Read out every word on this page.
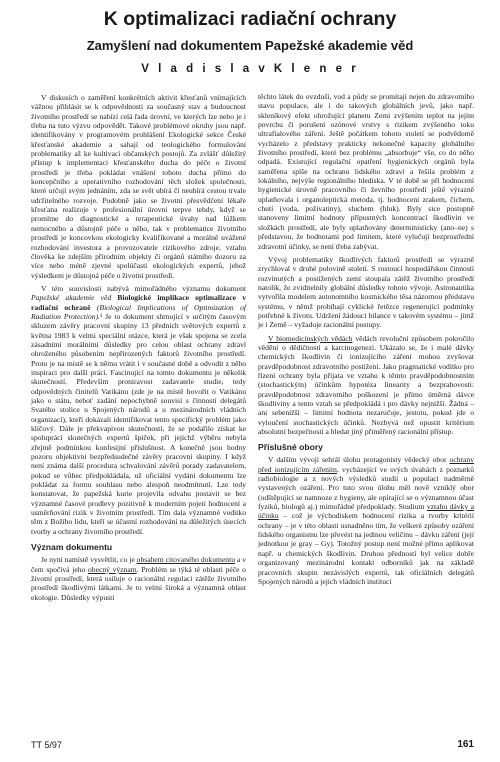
K optimalizaci radiační ochrany
Zamyšlení nad dokumentem Papežské akademie věd
V l a d i s l a v K l e n e r

V diskusích o zaměření konkrétních aktivit křesťanů vnímajících vážnou přihlásit se k odpovědnosti za současný stav a budoucnost životního prostředí se nabízí celá řada úrovní, ve kterých lze nebo je i třeba na tuto výzvu odpovědět. Takové problémové okruhy jsou např. identifikovány v programovém prohlášení Ekologické sekce České křesťanské akademie a sahají od teologického formulování problematiky až ke kultivaci občanských postojů. Za zvlášť důležitý přístup k implementaci křesťanského ducha do péče o životní prostředí je třeba pokládat vnášení tohoto ducha přímo do koncepčního a operativního rozhodování těch složek společnosti, které určují svým jednáním, zda se svět ubírá či neubírá cestou trvale udržitelného rozvoje. Podobně jako se životní přesvědčení lékaře křesťana realizuje v profesionální úrovni terpve tehdy, když se promítne do diagnostické a terapeutické úvahy nad lůžkem nemocného a důstojně péče o něho, tak v problematice životního prostředí je koncovkou ekologicky kvalifikované a morálně uvážené rozhodování investora a provozovatele rizikového zdroje, vztahu člověka ke zdejším přírodním objekty či orgánů státního dozoru za více nebo méně zjevné spolúčasti ekologických expertů, jehož výsledkem je důstojná péče o životní prostředí.

V této souvislosti nabývá mimořádného významu dokument Papežské akademie věd Biologické implikace optimalizace v radiační ochraně (Biological Implications of Optimization of Radiation Protection).¹ Je to dokument shrnující v určitým časovým skluzem závěry pracovní skupiny 13 předních světových expertů z května 1983 k velmi speciální otázce, která je však spojena se zcela zásadními morálními důsledky pro celou oblast ochrany zdraví ohroženého působením nepřirozených faktorů životního prostředí. Proto je na místě se k němu vrátit i v současné době a odvodit z něho inspiraci pro další práci. Fascinující na tomto dokumentu je několik skutečností. Především proniravost zadavatele studie, tedy odpovědných činitelů Vatikánu (zde je na místě hovořit o Vatikánu jako o státu, neboť zadání nepochybně souvisí s činností delegátů Svatého stolice u Spojených národů a u mezinárodních vládních organizací), kteří dokázali identifikovat tento specifický problém jako klíčový. Dále je překvapivou skutečností, že se podařilo získat ke spolupráci skutečných expertů špiček, při jejichž výběru nebyla zřejmě podmínkou konfesijní příslušnost. A konečně jsou hodny pozoru objektivní bezpředsudečné závěry pracovní skupiny. I když není známa další procedura schvalování závěrů porady zadavatelem, pokud se vůbec předpokládala, už oficiální vydání dokumentu lze pokládat za formu souhlasu nebo alespoň neodmítnutí. Lze tedy konstatovat, že papežská kurie projevila odvahu postavit se bez významné časové prodlevy pozitivně k moderním pojetí hodnocení a usměrňování rizik v životním prostředí. Tím dala významné voditko těm z Božího lidu, kteří se účastní rozhodování na důležitých úsecích tvorby a ochrany životního prostředí.

Význam dokumentu

Je nyní namístě vysvětlit, co je obsahem citovaného dokumentu a v čem spočívá jeho obecný význam. Problém se týká té oblasti péče o životní prostředí, která usiluje o racionální regulaci zátěže životního prostředí škodlivými látkami. Je to velmi široká a významná oblast ekologie. Důsledky výpustí

těchto látek do ovzduší, vod a půdy se promítají nejen do zdravotního stavu populace, ale i do takových globálních jevů, jako např. skleníkový efekt ohrožující planetu Zemi zvýšením teplot na jejím povrchu či porušení ozónové vrstvy s rizikem zvýšeného toku ultrafialového záření. Ještě počátkem tohoto století se podvědomě vycházelo z představy prakticky nekonečné kapacity globálního životního prostředí, které bez problému „absorbuje“ vše, co do něho odpadá. Existující regulační opatření hygienických orgánů byla zaměřena spíše na ochranu lidského zdraví a řešila problém z lokálního, nejvýše regionálního hlediska. V té době se při hodnocení hygienické úrovně pracovního či ževního prostředí ještě výrazně uplatňovala i organoleptická metoda, tj. hodnocení zrakem, čichem, chutí (voda, poživatiny), sluchem (hluk). Byly sice postupně stanoveny limitní hodnoty přípustných koncentrací škodlivin ve složkách prostředí, ale byly uplatňovány deterministicky (ano–ne) s představou, že hodnotami pod limitem, které vylučují bezprostřední zdravotní účinky, se není třeba zabývat.

Vývoj problematiky škodlivých faktorů prostředí se výrazně zrychloval v druhé polovině století. S rostoucí hospodářskou činností rozvinutých a postižených zemí stoupala zátěž životního prostředí natolik, že zviditelnily globální důsledky tohoto vývoje. Astronautika vytvořila modelem autonomního kosmického těsa názornou představu systému, v němž probíhají cyklické řetězce regenerující podmínky potřebné k životu. Udržení žádoucí bilance v takovém systému – jímž je i Země – vyžaduje racionální postupy.

V biomedicínských vědách vědách revoluční způsobem pokročilo vědění o dědičnosti a karcinogenezi. Ukázalo se, že i malé dávky chemických škodlivin či ionizujícího záření mohou zvyšovat pravděpodobnost zdravotního postižení. Jako pragmatické vodítko pro řízení ochrany byla přijata ve vztahu k těmto pravděpodobnostním (stochastickým) účinkům hypotéza linearity a bezprahovosti: pravděpodobnost zdravotního poškození je přímo úměrná dávce škodliviny a tento vztah se předpokládá i pro dávky nejnižší. Žádná – ani sebenižší – limitní hodnota nezaručuje, jestotu, pokud jde o vyloučení stochastických účinků. Nezbyvá než opustit kritérium absolutní bezpečnosti a hledat jiný přiměřený racionální přístup.

Příslušné obory

V dalším vývoji sehrál úlohu protagonisty vědecký obor ochrany před ionizujícím zářením, vycházející ve svých úvahách z poznatků radiobiologie a z nových výsledků studií u populaci nadměrně vystavených ozáření. Pro tuto svou úlohu měl nově vzniklý obor (odštěpující se namnoze z hygieny, ale opírající se o významnou účast fyziků, biologů aj.) mimořádné předpoklady. Studium vztahu dávky a účinku – což je východiskem hodnocení rizika a tvorby kritérií ochrany – je v této oblasti usnadněno tím, že veškeré způsoby ozáření lidského organismu lze převést na jedinou veličinu – dávku záření (její jednotkou je gray – Gy). Totožný postup není možné přímo aplikovat např. u chemických škodlivin. Druhou předností byl velice dobře organizovaný mezinárodní kontakt odborníků jak na základě pracovních skupin nezávislých expertů, tak oficiálních delegátů Spojených národů a jejich vládních institucí

TT 5/97	161
